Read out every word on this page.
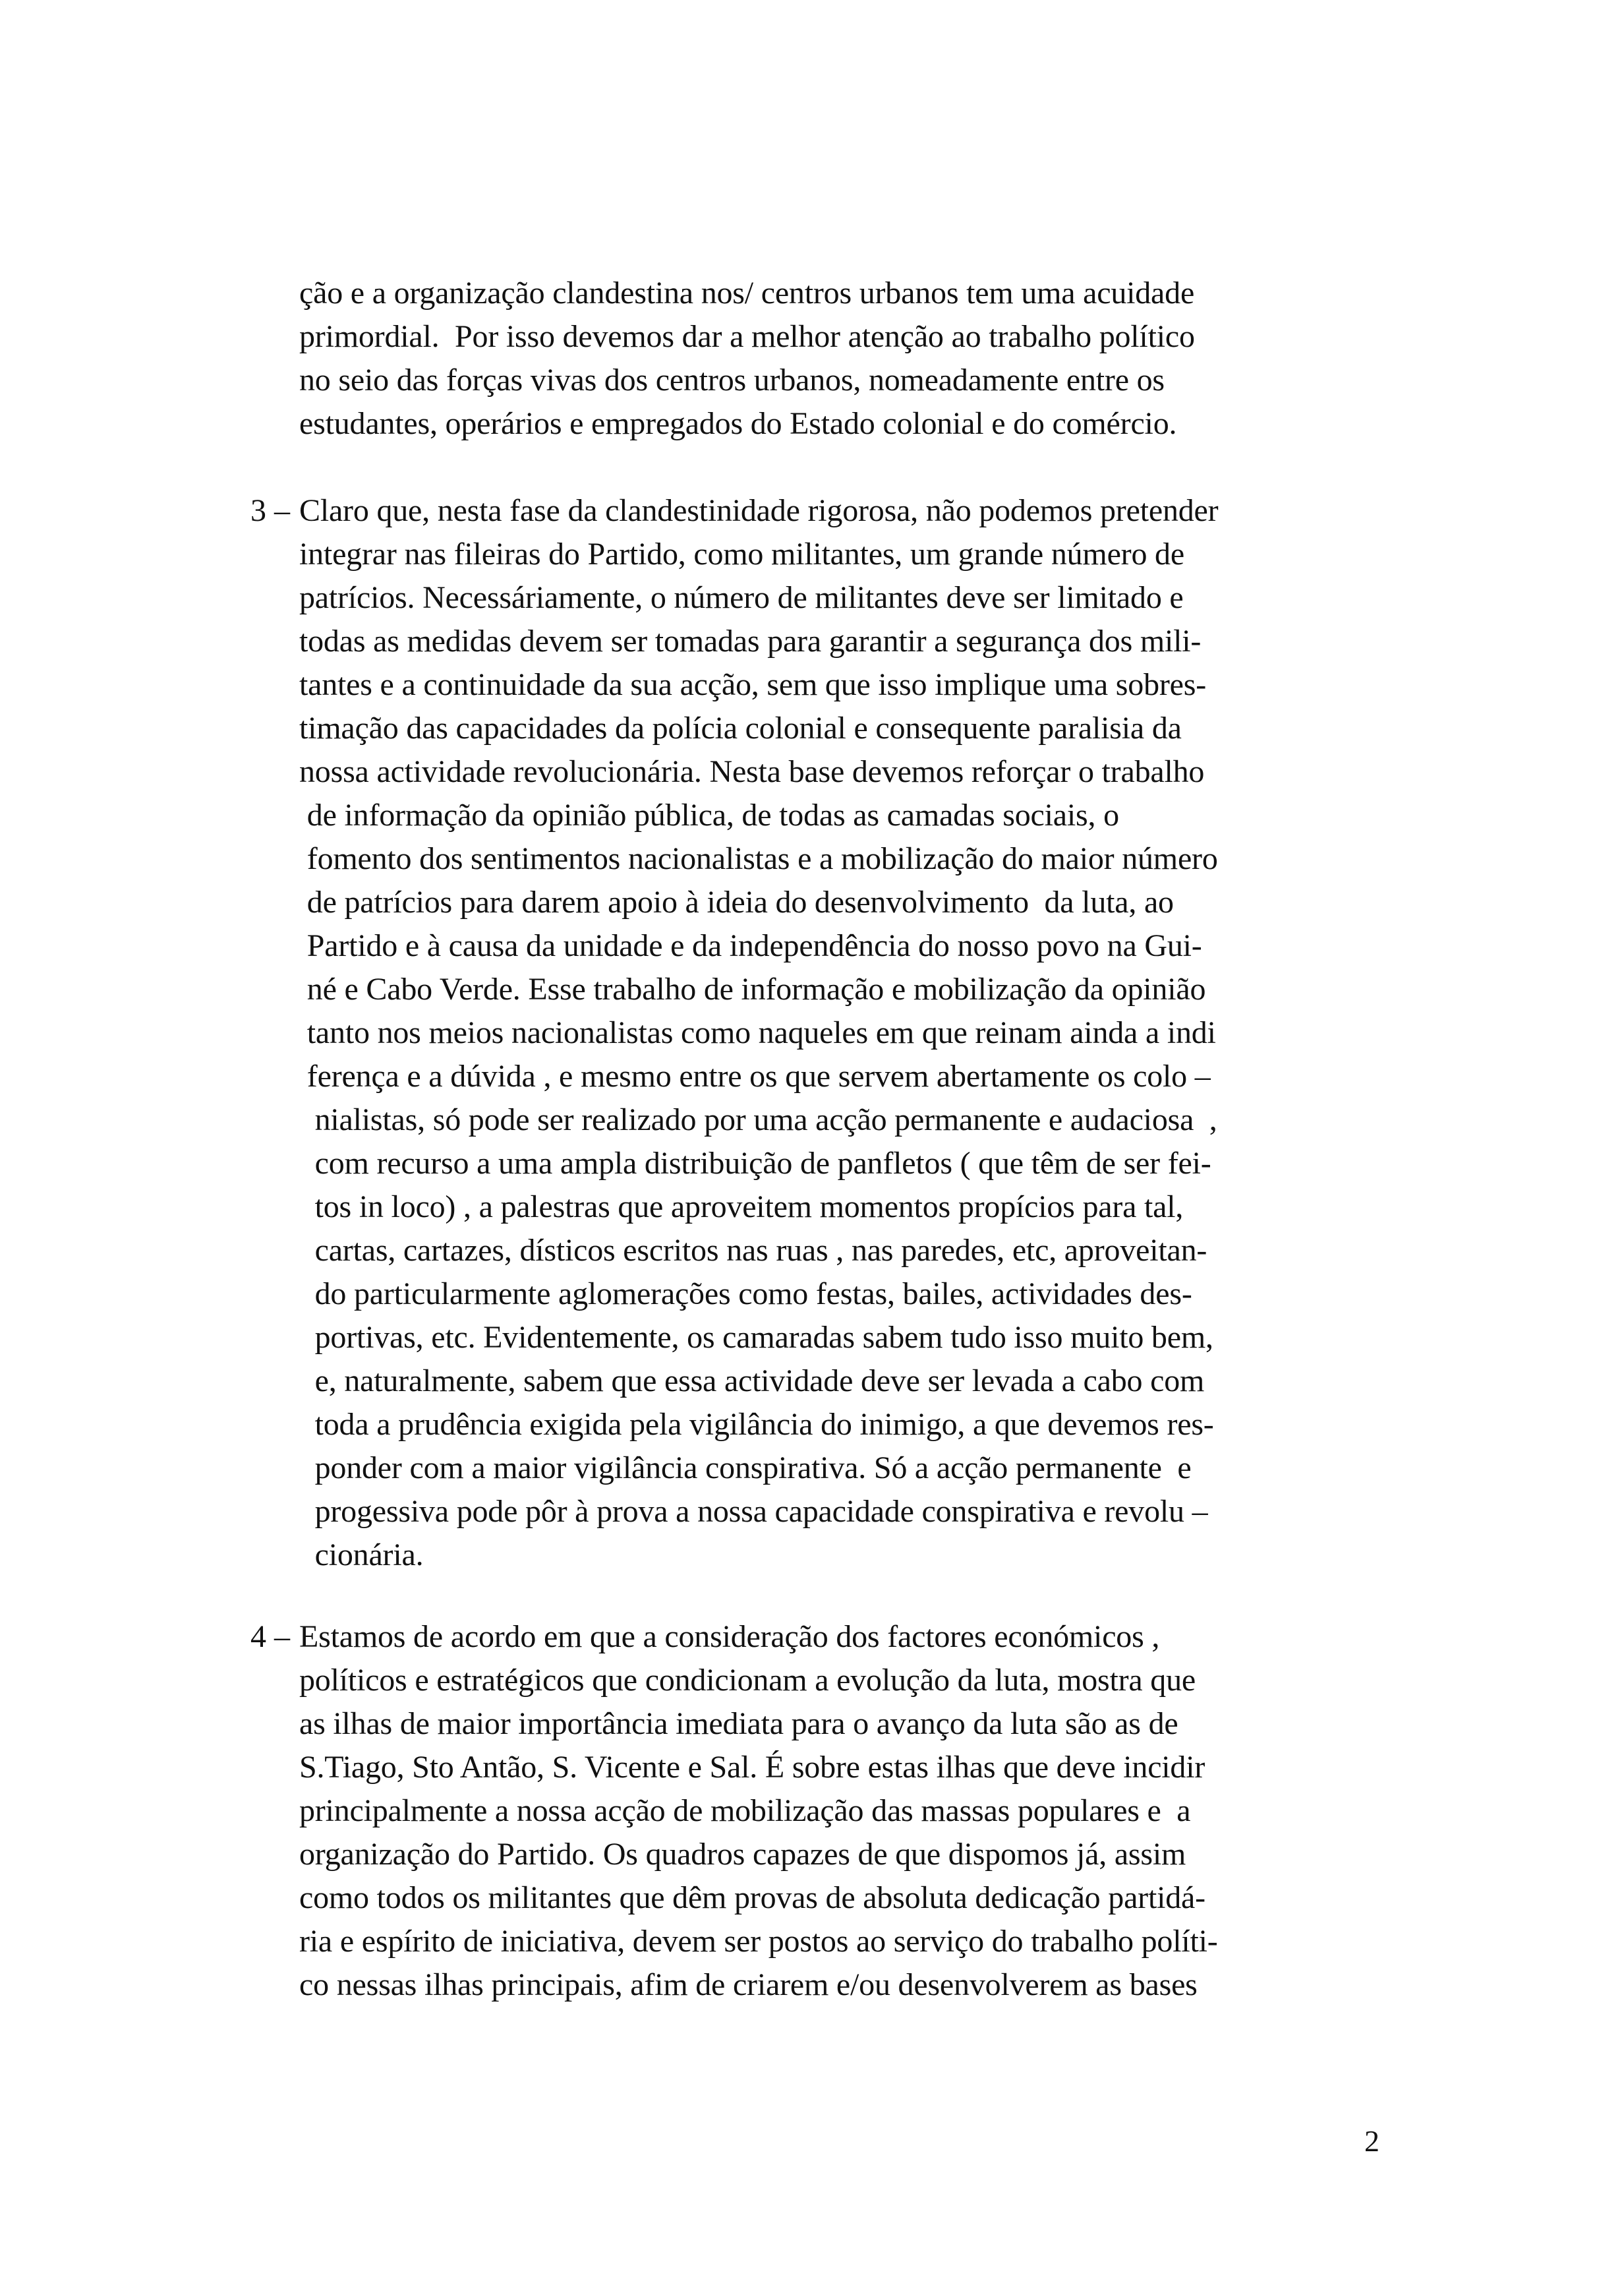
ção e a organização clandestina nos/ centros urbanos tem uma acuidade
primordial.  Por isso devemos dar a melhor atenção ao trabalho político
no seio das forças vivas dos centros urbanos, nomeadamente entre os
estudantes, operários e empregados do Estado colonial e do comércio.
3 – Claro que, nesta fase da clandestinidade rigorosa, não podemos pretender
integrar nas fileiras do Partido, como militantes, um grande número de
patrícios. Necessáriamente, o número de militantes deve ser limitado e
todas as medidas devem ser tomadas para garantir a segurança dos mili-
tantes e a continuidade da sua acção, sem que isso implique uma sobres-
timação das capacidades da polícia colonial e consequente paralisia da
nossa actividade revolucionária. Nesta base devemos reforçar o trabalho
de informação da opinião pública, de todas as camadas sociais, o
fomento dos sentimentos nacionalistas e a mobilização do maior número
de patrícios para darem apoio à ideia do desenvolvimento  da luta, ao
Partido e à causa da unidade e da independência do nosso povo na Gui-
né e Cabo Verde. Esse trabalho de informação e mobilização da opinião
tanto nos meios nacionalistas como naqueles em que reinam ainda a indi
ferença e a dúvida , e mesmo entre os que servem abertamente os colo –
nialistas, só pode ser realizado por uma acção permanente e audaciosa  ,
com recurso a uma ampla distribuição de panfletos ( que têm de ser fei-
tos in loco) , a palestras que aproveitem momentos propícios para tal,
cartas, cartazes, dísticos escritos nas ruas , nas paredes, etc, aproveitan-
do particularmente aglomerações como festas, bailes, actividades des-
portivas, etc. Evidentemente, os camaradas sabem tudo isso muito bem,
e, naturalmente, sabem que essa actividade deve ser levada a cabo com
toda a prudência exigida pela vigilância do inimigo, a que devemos res-
ponder com a maior vigilância conspirativa. Só a acção permanente  e
progessiva pode pôr à prova a nossa capacidade conspirativa e revolu –
cionária.
4 – Estamos de acordo em que a consideração dos factores económicos ,
políticos e estratégicos que condicionam a evolução da luta, mostra que
as ilhas de maior importância imediata para o avanço da luta são as de
S.Tiago, Sto Antão, S. Vicente e Sal. É sobre estas ilhas que deve incidir
principalmente a nossa acção de mobilização das massas populares e  a
organização do Partido. Os quadros capazes de que dispomos já, assim
como todos os militantes que dêm provas de absoluta dedicação partidá-
ria e espírito de iniciativa, devem ser postos ao serviço do trabalho políti-
co nessas ilhas principais, afim de criarem e/ou desenvolverem as bases
2
